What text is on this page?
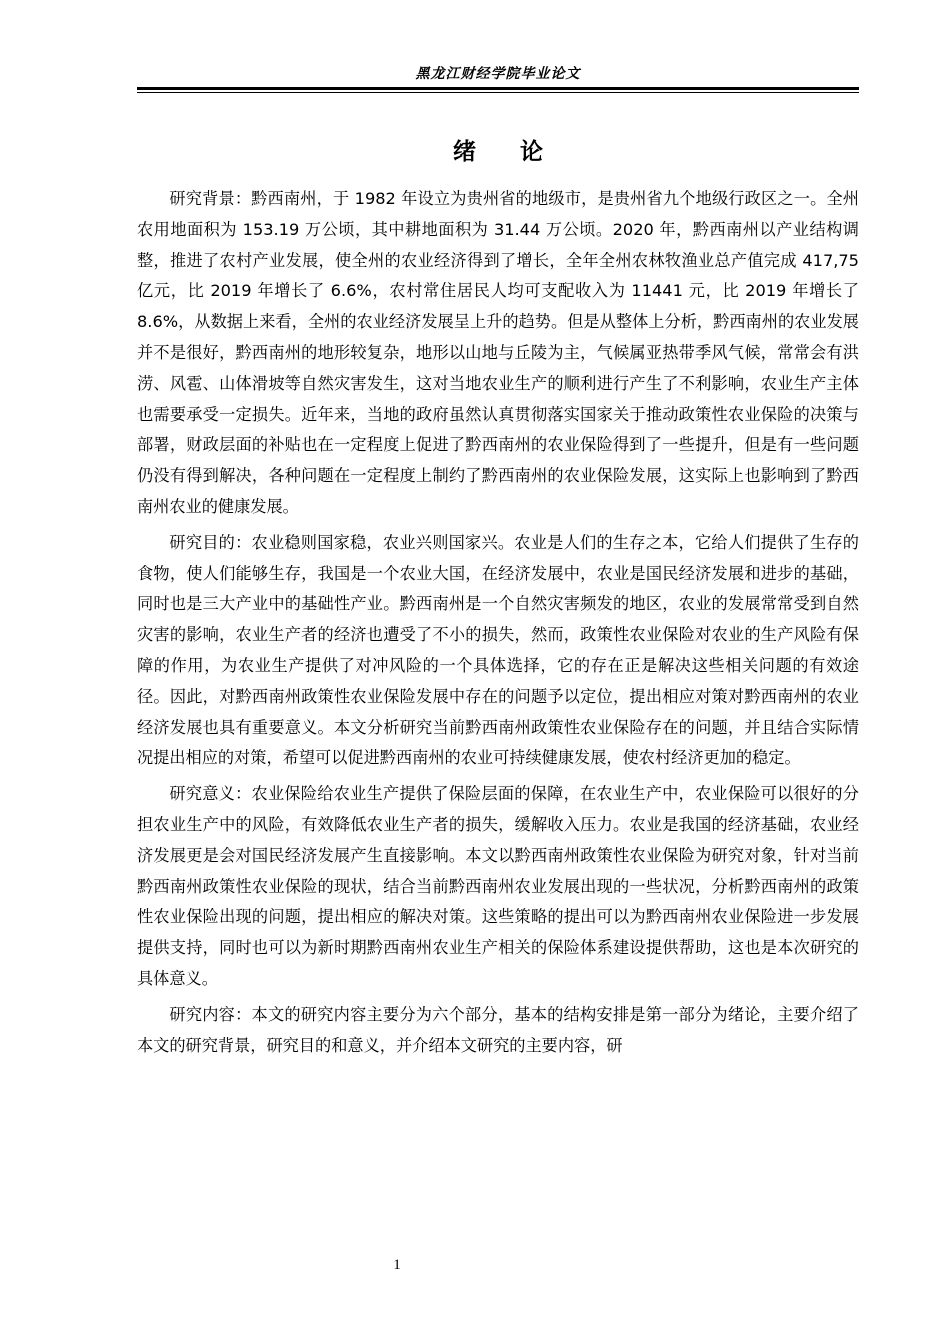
黑龙江财经学院毕业论文
绪 论

研究背景：黔西南州，于 1982 年设立为贵州省的地级市，是贵州省九个地级行政区之一。全州农用地面积为 153.19 万公顷，其中耕地面积为 31.44 万公顷。2020 年，黔西南州以产业结构调整，推进了农村产业发展，使全州的农业经济得到了增长，全年全州农林牧渔业总产值完成 417,75 亿元，比 2019 年增长了 6.6%，农村常住居民人均可支配收入为 11441 元，比 2019 年增长了 8.6%，从数据上来看，全州的农业经济发展呈上升的趋势。但是从整体上分析，黔西南州的农业发展并不是很好，黔西南州的地形较复杂，地形以山地与丘陵为主，气候属亚热带季风气候，常常会有洪涝、风雹、山体滑坡等自然灾害发生，这对当地农业生产的顺利进行产生了不利影响，农业生产主体也需要承受一定损失。近年来，当地的政府虽然认真贯彻落实国家关于推动政策性农业保险的决策与部署，财政层面的补贴也在一定程度上促进了黔西南州的农业保险得到了一些提升，但是有一些问题仍没有得到解决，各种问题在一定程度上制约了黔西南州的农业保险发展，这实际上也影响到了黔西南州农业的健康发展。

研究目的：农业稳则国家稳，农业兴则国家兴。农业是人们的生存之本，它给人们提供了生存的食物，使人们能够生存，我国是一个农业大国，在经济发展中，农业是国民经济发展和进步的基础，同时也是三大产业中的基础性产业。黔西南州是一个自然灾害频发的地区，农业的发展常常受到自然灾害的影响，农业生产者的经济也遭受了不小的损失，然而，政策性农业保险对农业的生产风险有保障的作用，为农业生产提供了对冲风险的一个具体选择，它的存在正是解决这些相关问题的有效途径。因此，对黔西南州政策性农业保险发展中存在的问题予以定位，提出相应对策对黔西南州的农业经济发展也具有重要意义。本文分析研究当前黔西南州政策性农业保险存在的问题，并且结合实际情况提出相应的对策，希望可以促进黔西南州的农业可持续健康发展，使农村经济更加的稳定。

研究意义：农业保险给农业生产提供了保险层面的保障，在农业生产中，农业保险可以很好的分担农业生产中的风险，有效降低农业生产者的损失，缓解收入压力。农业是我国的经济基础，农业经济发展更是会对国民经济发展产生直接影响。本文以黔西南州政策性农业保险为研究对象，针对当前黔西南州政策性农业保险的现状，结合当前黔西南州农业发展出现的一些状况，分析黔西南州的政策性农业保险出现的问题，提出相应的解决对策。这些策略的提出可以为黔西南州农业保险进一步发展提供支持，同时也可以为新时期黔西南州农业生产相关的保险体系建设提供帮助，这也是本次研究的具体意义。

研究内容：本文的研究内容主要分为六个部分，基本的结构安排是第一部分为绪论，主要介绍了本文的研究背景，研究目的和意义，并介绍本文研究的主要内容，研

1
